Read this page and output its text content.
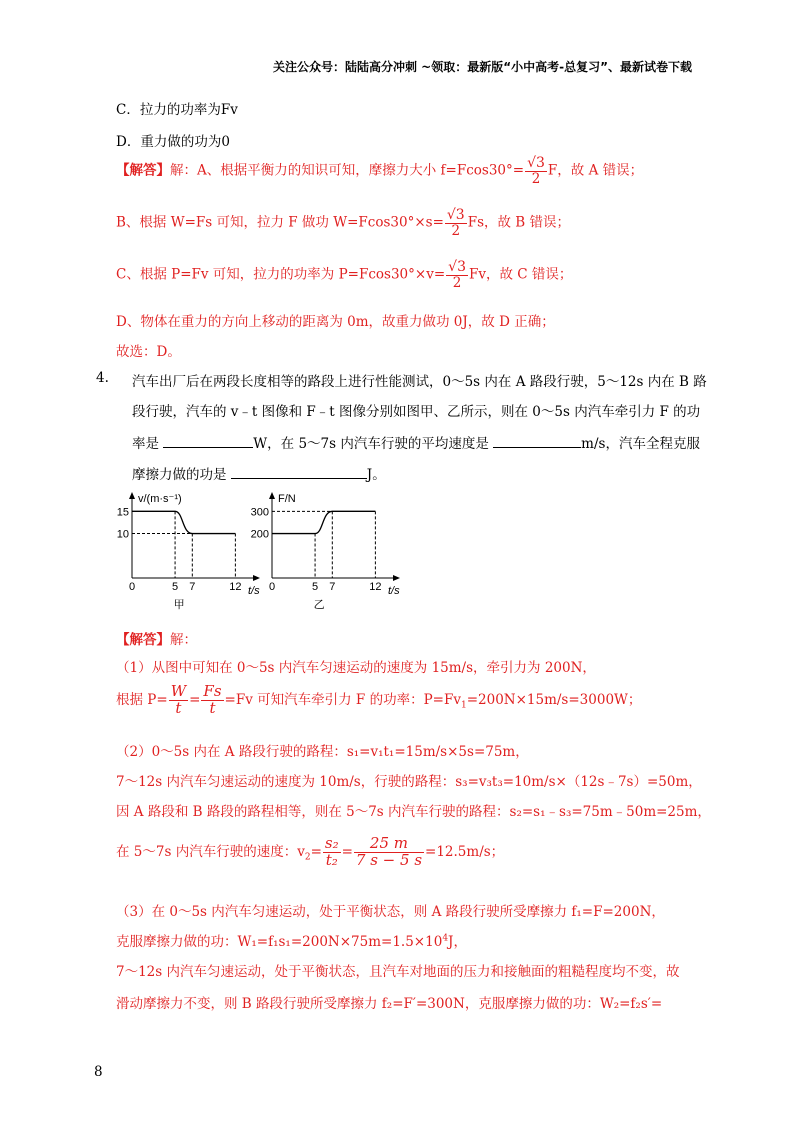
关注公众号：陆陆高分冲刺 ~领取：最新版“小中高考-总复习”、最新试卷下载
C．拉力的功率为Fv
D．重力做的功为0
【解答】解：A、根据平衡力的知识可知，摩擦力大小 $f=Fcos30^\circ= \frac{√3}{2}$ F，故 A 错误；
B、根据 W=Fs 可知，拉力 F 做功 $W=Fcos30^\circ\times s= \frac{√3}{2}$ Fs，故 B 错误；
C、根据 P=Fv 可知，拉力的功率为 $P=Fcos30^\circ\times v= \frac{√3}{2}$ Fv，故 C 错误；
D、物体在重力的方向上移动的距离为 0m，故重力做功 0J，故 D 正确；
故选：D。
4. 汽车出厂后在两段长度相等的路段上进行性能测试，0～5s 内在 A 路段行驶，5～12s 内在 B 路
段行驶，汽车的 v﹣t 图像和 F﹣t 图像分别如图甲、乙所示，则在 0～5s 内汽车牵引力 F 的功
率是	W，在 5～7s 内汽车行驶的平均速度是	m/s，汽车全程克服
摩擦力做的功是	J。
v/(m·s⁻¹)
t/s
0	5 7	12
15
10
甲
F/N
t/s
0	5 7	12
300
200
乙
【解答】解：
（1）从图中可知在 0～5s 内汽车匀速运动的速度为 15m/s，牵引力为 200N，
根据 $P= \frac{W}{t} = \frac{Fs}{t} =Fv$ 可知汽车牵引力 F 的功率：$P=Fv_1=200N\times 15m/s=3000W$；
（2）0～5s 内在 A 路段行驶的路程：s₁=v₁t₁=15m/s×5s=75m，
7～12s 内汽车匀速运动的速度为 10m/s，行驶的路程：s₃=v₃t₃=10m/s×（12s﹣7s）=50m，
因 A 路段和 B 路段的路程相等，则在 5～7s 内汽车行驶的路程：s₂=s₁﹣s₃=75m﹣50m=25m，
在 5～7s 内汽车行驶的速度：$v_2= \frac{\text{s₂}}{\text{t₂}} = \frac{25 m}{7 s - 5 s} =12.5m/s$；
（3）在 0～5s 内汽车匀速运动，处于平衡状态，则 A 路段行驶所受摩擦力 f₁=F=200N，
克服摩擦力做的功：$W_1=f_1s_1=200N\times 75m=1.5\times 10^4J$，
7～12s 内汽车匀速运动，处于平衡状态，且汽车对地面的压力和接触面的粗糙程度均不变，故
滑动摩擦力不变，则 B 路段行驶所受摩擦力 f₂=F′=300N，克服摩擦力做的功：W₂=f₂s′=
8
